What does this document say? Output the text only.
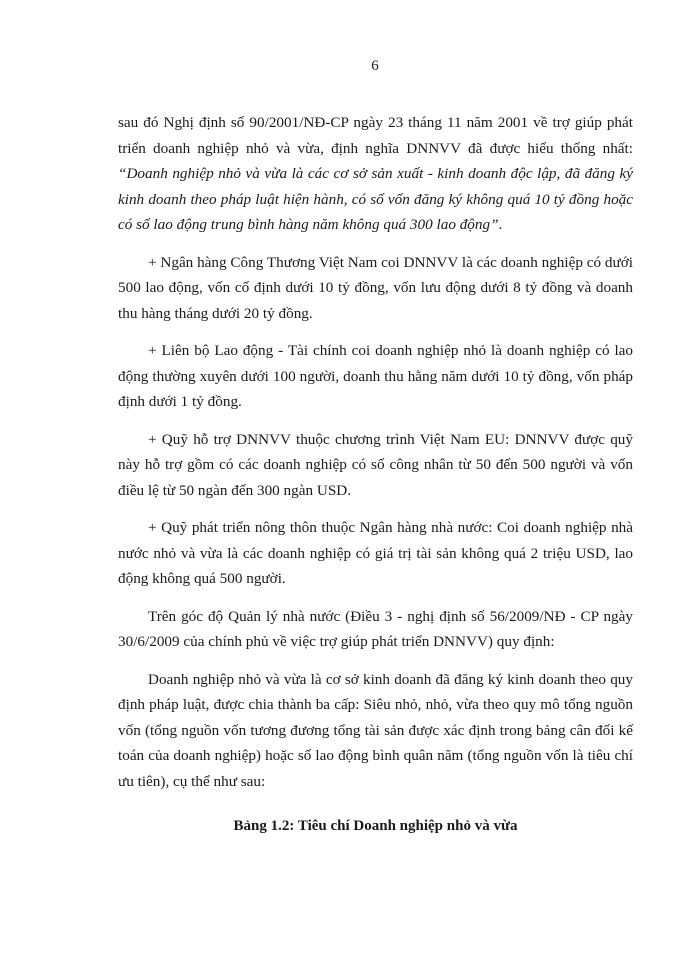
6

sau đó Nghị định số 90/2001/NĐ-CP ngày 23 tháng 11 năm 2001 về trợ giúp phát triển doanh nghiệp nhỏ và vừa, định nghĩa DNNVV đã được hiểu thống nhất: “Doanh nghiệp nhỏ và vừa là các cơ sở sản xuất - kinh doanh độc lập, đã đăng ký kinh doanh theo pháp luật hiện hành, có số vốn đăng ký không quá 10 tỷ đồng hoặc có số lao động trung bình hàng năm không quá 300 lao động”.

+ Ngân hàng Công Thương Việt Nam coi DNNVV là các doanh nghiệp có dưới 500 lao động, vốn cố định dưới 10 tỷ đồng, vốn lưu động dưới 8 tỷ đồng và doanh thu hàng tháng dưới 20 tỷ đồng.

+ Liên bộ Lao động - Tài chính coi doanh nghiệp nhỏ là doanh nghiệp có lao động thường xuyên dưới 100 người, doanh thu hằng năm dưới 10 tỷ đồng, vốn pháp định dưới 1 tỷ đồng.

+ Quỹ hỗ trợ DNNVV thuộc chương trình Việt Nam EU: DNNVV được quỹ này hỗ trợ gồm có các doanh nghiệp có số công nhân từ 50 đến 500 người và vốn điều lệ từ 50 ngàn đến 300 ngàn USD.

+ Quỹ phát triển nông thôn thuộc Ngân hàng nhà nước: Coi doanh nghiệp nhà nước nhỏ và vừa là các doanh nghiệp có giá trị tài sản không quá 2 triệu USD, lao động không quá 500 người.

Trên góc độ Quản lý nhà nước (Điều 3 - nghị định số 56/2009/NĐ - CP ngày 30/6/2009 của chính phủ về việc trợ giúp phát triển DNNVV) quy định:

Doanh nghiệp nhỏ và vừa là cơ sở kinh doanh đã đăng ký kinh doanh theo quy định pháp luật, được chia thành ba cấp: Siêu nhỏ, nhỏ, vừa theo quy mô tổng nguồn vốn (tổng nguồn vốn tương đương tổng tài sản được xác định trong bảng cân đối kế toán của doanh nghiệp) hoặc số lao động bình quân năm (tổng nguồn vốn là tiêu chí ưu tiên), cụ thể như sau:

Bảng 1.2: Tiêu chí Doanh nghiệp nhỏ và vừa
